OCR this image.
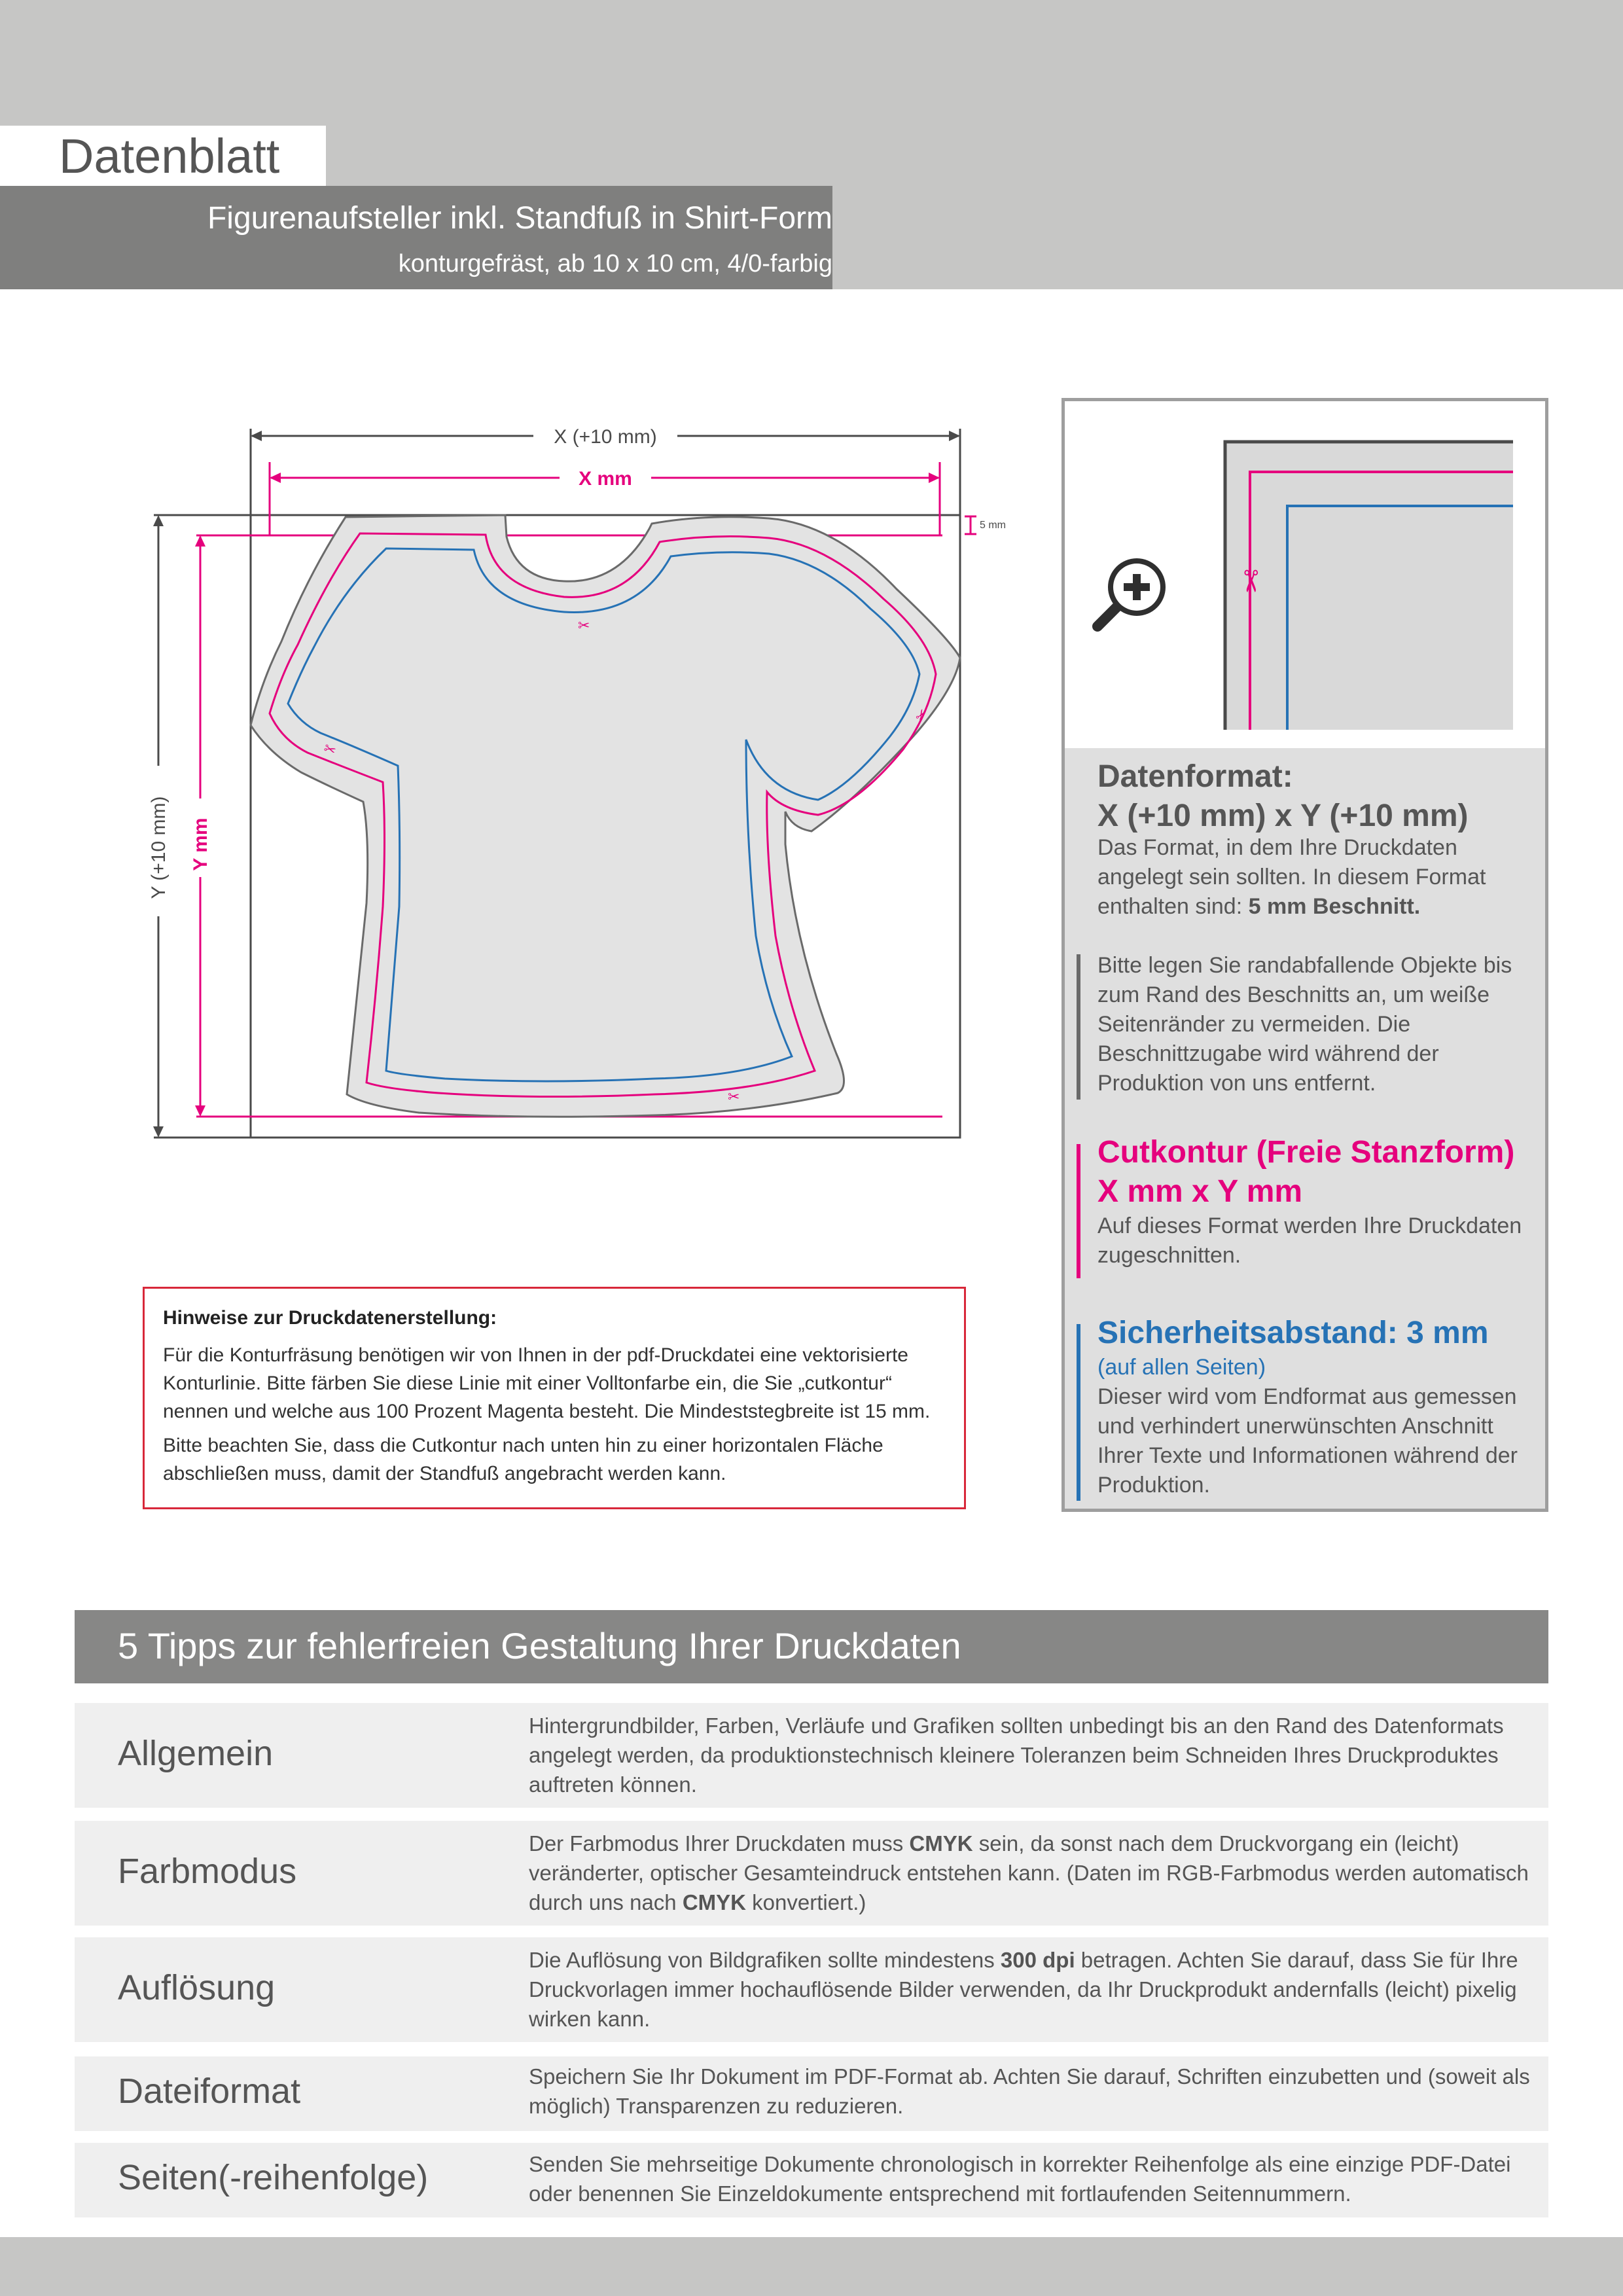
Datenblatt
Figurenaufsteller inkl. Standfuß in Shirt-Form
konturgefräst, ab 10 x 10 cm, 4/0-farbig
✂
✂
✂
✂
X (+10 mm)
X mm
Y (+10 mm) Y mm
5 mm
✂
Datenformat:
X (+10 mm) x Y (+10 mm)
Das Format, in dem Ihre Druckdaten angelegt sein sollten. In diesem Format enthalten sind: 5 mm Beschnitt.
Bitte legen Sie randabfallende Objekte bis zum Rand des Beschnitts an, um weiße Seitenränder zu vermeiden. Die Beschnittzugabe wird während der Produktion von uns entfernt.
Cutkontur (Freie Stanzform)
X mm x Y mm
Auf dieses Format werden Ihre Druckdaten zugeschnitten.
Sicherheitsabstand: 3 mm
(auf allen Seiten)
Dieser wird vom Endformat aus gemessen und verhindert unerwünschten Anschnitt Ihrer Texte und Informationen während der Produktion.
Hinweise zur Druckdatenerstellung:
Für die Konturfräsung benötigen wir von Ihnen in der pdf-Druckdatei eine vektorisierte Konturlinie. Bitte färben Sie diese Linie mit einer Volltonfarbe ein, die Sie „cutkontur“ nennen und welche aus 100 Prozent Magenta besteht. Die Mindeststegbreite ist 15 mm.
Bitte beachten Sie, dass die Cutkontur nach unten hin zu einer horizontalen Fläche abschließen muss, damit der Standfuß angebracht werden kann.
5 Tipps zur fehlerfreien Gestaltung Ihrer Druckdaten
Allgemein
Hintergrundbilder, Farben, Verläufe und Grafiken sollten unbedingt bis an den Rand des Datenformats angelegt werden, da produktionstechnisch kleinere Toleranzen beim Schneiden Ihres Druckproduktes auftreten können.
Farbmodus
Der Farbmodus Ihrer Druckdaten muss CMYK sein, da sonst nach dem Druckvorgang ein (leicht) veränderter, optischer Gesamteindruck entstehen kann. (Daten im RGB-Farbmodus werden automatisch durch uns nach CMYK konvertiert.)
Auflösung
Die Auflösung von Bildgrafiken sollte mindestens 300 dpi betragen. Achten Sie darauf, dass Sie für Ihre Druckvorlagen immer hochauflösende Bilder verwenden, da Ihr Druckprodukt andernfalls (leicht) pixelig wirken kann.
Dateiformat	Speichern Sie Ihr Dokument im PDF-Format ab. Achten Sie darauf, Schriften einzubetten und (soweit als möglich) Transparenzen zu reduzieren.
Seiten(-reihenfolge)	Senden Sie mehrseitige Dokumente chronologisch in korrekter Reihenfolge als eine einzige PDF-Datei oder benennen Sie Einzeldokumente entsprechend mit fortlaufenden Seitennummern.
